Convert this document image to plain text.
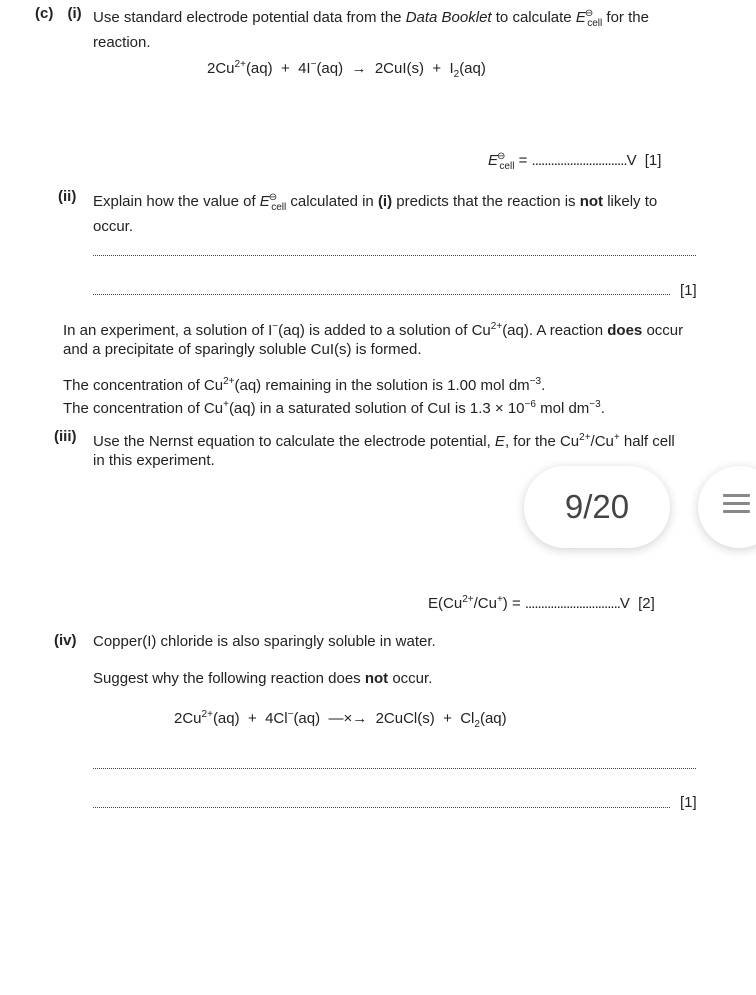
(c) (i) Use standard electrode potential data from the Data Booklet to calculate $E^⊖_{cell}$ for the
reaction.
$2Cu^{2+}(aq) + 4I^-(aq) \to 2CuI(s) + I_2(aq)$
$E^⊖_{cell} = ..............................V$ [1]
(ii) Explain how the value of $E^⊖_{cell}$ calculated in (i) predicts that the reaction is not likely to
occur.
[1]
In an experiment, a solution of I−(aq) is added to a solution of $Cu^{2+}(aq)$. A reaction does occur
and a precipitate of sparingly soluble CuI(s) is formed.
The concentration of $Cu^{2+}(aq)$ remaining in the solution is 1.00 mol $dm^{-3}$.
The concentration of Cu+(aq) in a saturated solution of CuI is $1.3 \times 10^{-6}$ mol $dm^{-3}$.
(iii) Use the Nernst equation to calculate the electrode potential, E, for the $Cu^{2+}/Cu^+$ half cell
in this experiment.
$E(Cu^{2+}/Cu^+) = ..............................V$ [2]
(iv) Copper(I) chloride is also sparingly soluble in water.
Suggest why the following reaction does not occur.
$2Cu^{2+}(aq) + 4Cl^-(aq)$ —×→ 2CuCl(s) + $Cl_2(aq)$
[1]
9/20
